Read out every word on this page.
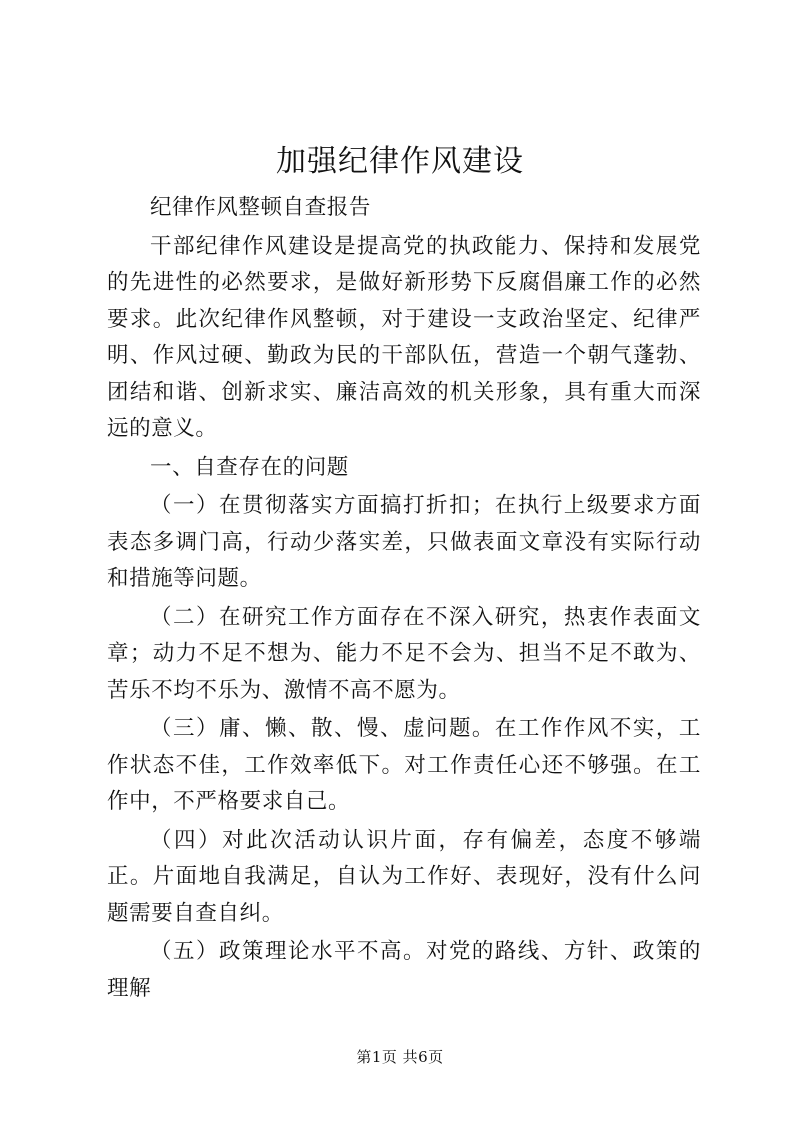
加强纪律作风建设

纪律作风整顿自查报告

干部纪律作风建设是提高党的执政能力、保持和发展党的先进性的必然要求，是做好新形势下反腐倡廉工作的必然要求。此次纪律作风整顿，对于建设一支政治坚定、纪律严明、作风过硬、勤政为民的干部队伍，营造一个朝气蓬勃、团结和谐、创新求实、廉洁高效的机关形象，具有重大而深远的意义。

一、自查存在的问题

（一）在贯彻落实方面搞打折扣；在执行上级要求方面表态多调门高，行动少落实差，只做表面文章没有实际行动和措施等问题。

（二）在研究工作方面存在不深入研究，热衷作表面文章；动力不足不想为、能力不足不会为、担当不足不敢为、苦乐不均不乐为、激情不高不愿为。

（三）庸、懒、散、慢、虚问题。在工作作风不实，工作状态不佳，工作效率低下。对工作责任心还不够强。在工作中，不严格要求自己。

（四）对此次活动认识片面，存有偏差，态度不够端正。片面地自我满足，自认为工作好、表现好，没有什么问题需要自查自纠。

（五）政策理论水平不高。对党的路线、方针、政策的理解

第1页 共6页
